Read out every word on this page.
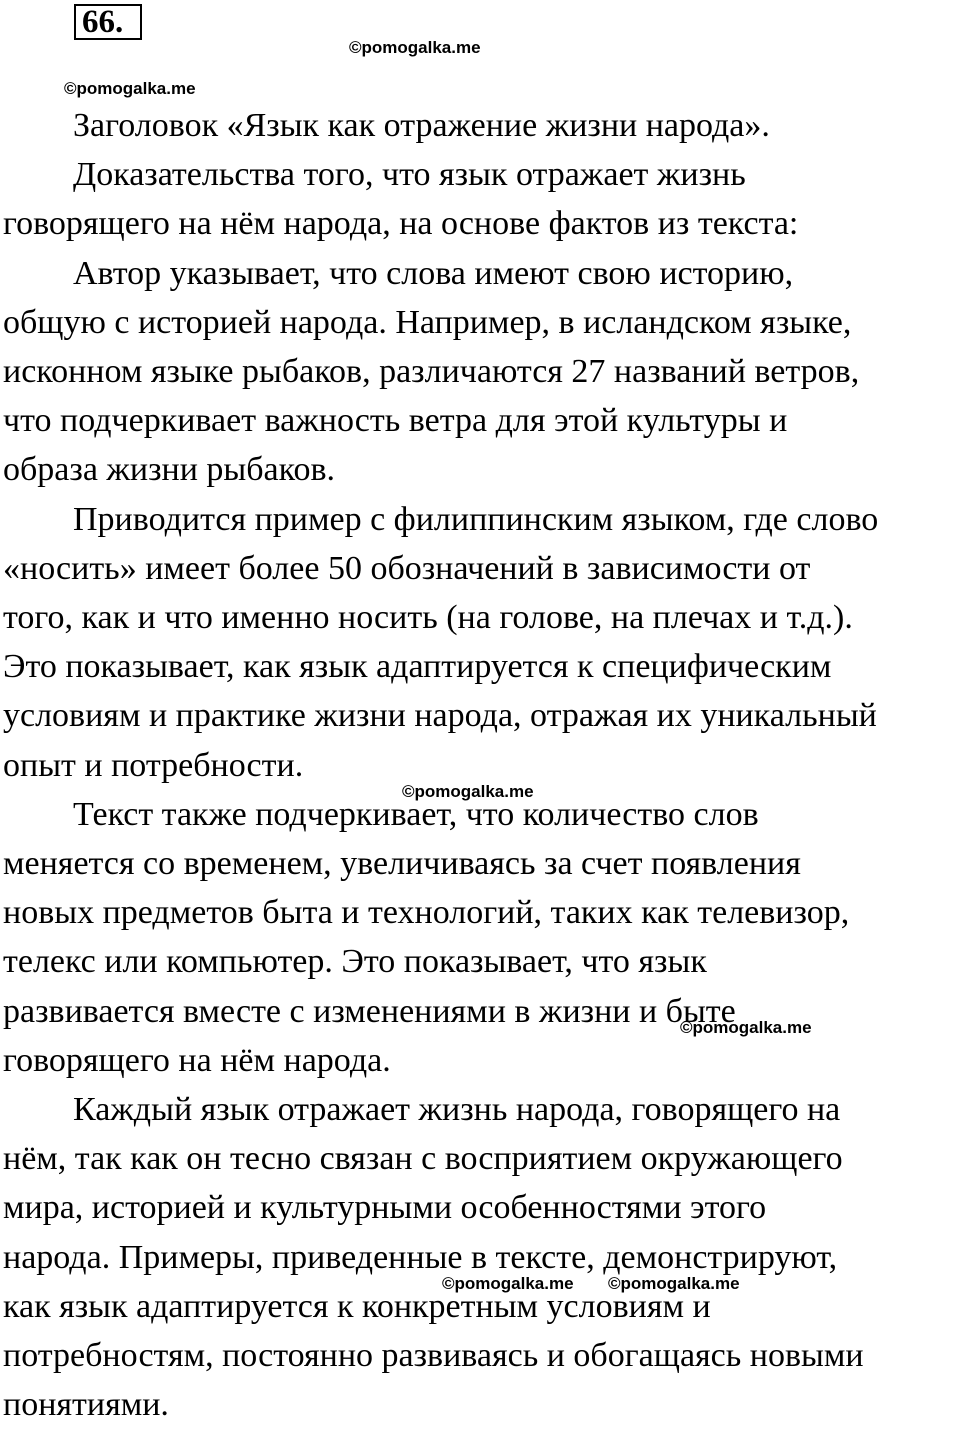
66.
©pomogalka.me
©pomogalka.me
©pomogalka.me
©pomogalka.me
©pomogalka.me ©pomogalka.me
Заголовок «Язык как отражение жизни народа».
Доказательства того, что язык отражает жизнь
говорящего на нём народа, на основе фактов из текста:
Автор указывает, что слова имеют свою историю,
общую с историей народа. Например, в исландском языке,
исконном языке рыбаков, различаются 27 названий ветров,
что подчеркивает важность ветра для этой культуры и
образа жизни рыбаков.
Приводится пример с филиппинским языком, где слово
«носить» имеет более 50 обозначений в зависимости от
того, как и что именно носить (на голове, на плечах и т.д.).
Это показывает, как язык адаптируется к специфическим
условиям и практике жизни народа, отражая их уникальный
опыт и потребности.
Текст также подчеркивает, что количество слов
меняется со временем, увеличиваясь за счет появления
новых предметов быта и технологий, таких как телевизор,
телекс или компьютер. Это показывает, что язык
развивается вместе с изменениями в жизни и быте
говорящего на нём народа.
Каждый язык отражает жизнь народа, говорящего на
нём, так как он тесно связан с восприятием окружающего
мира, историей и культурными особенностями этого
народа. Примеры, приведенные в тексте, демонстрируют,
как язык адаптируется к конкретным условиям и
потребностям, постоянно развиваясь и обогащаясь новыми
понятиями.
